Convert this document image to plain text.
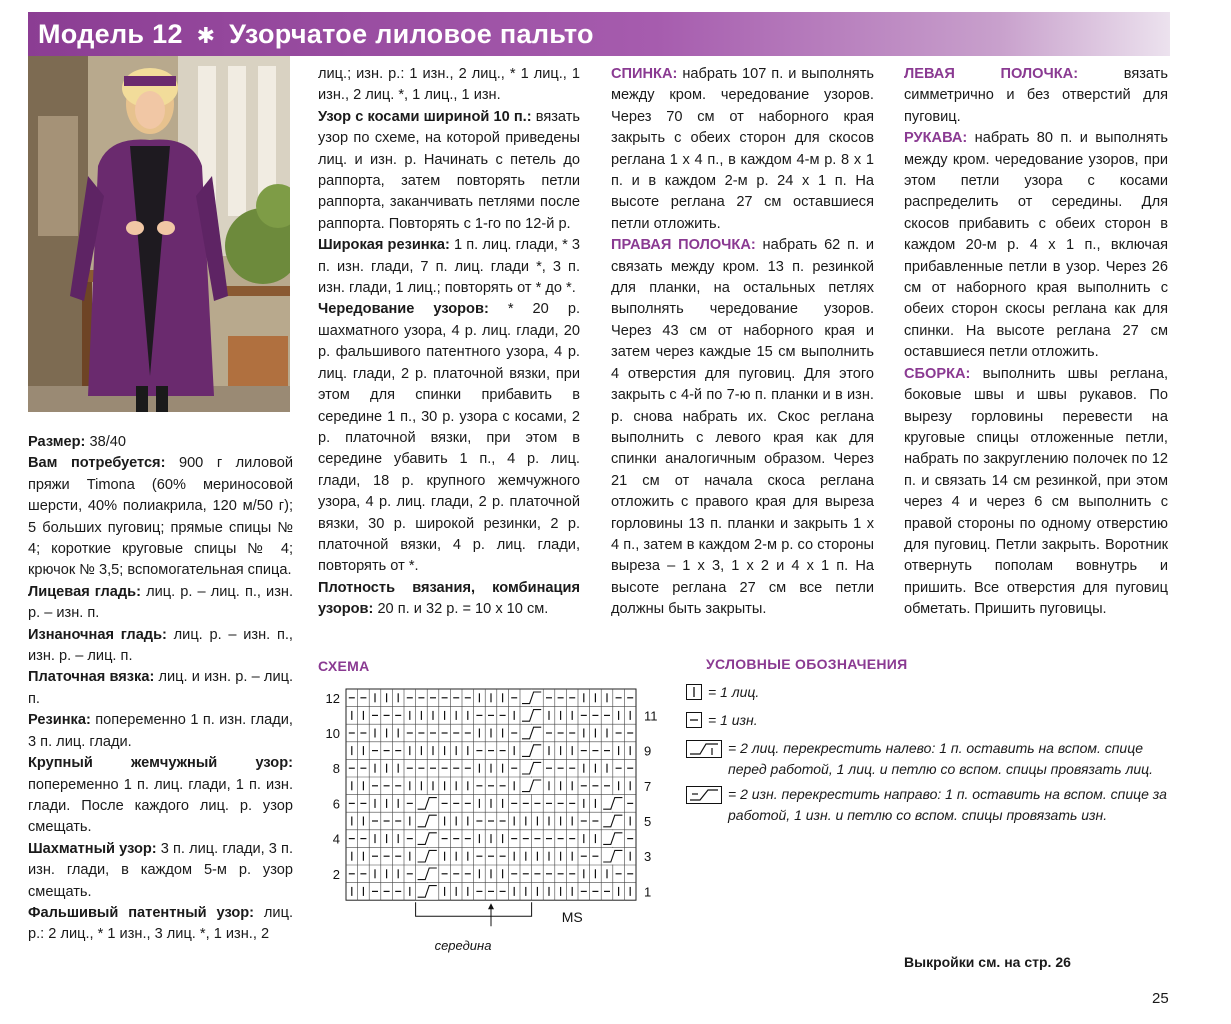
Модель 12 ✱ Узорчатое лиловое пальто

Размер: 38/40

Вам потребуется: 900 г лиловой пряжи Timona (60% мериносовой шерсти, 40% полиакрила, 120 м/50 г); 5 больших пуговиц; прямые спицы № 4; короткие круговые спицы № 4; крючок № 3,5; вспомогательная спица.

Лицевая гладь: лиц. р. – лиц. п., изн. р. – изн. п.

Изнаночная гладь: лиц. р. – изн. п., изн. р. – лиц. п.

Платочная вязка: лиц. и изн. р. – лиц. п.

Резинка: попеременно 1 п. изн. глади, 3 п. лиц. глади.

Крупный жемчужный узор: попеременно 1 п. лиц. глади, 1 п. изн. глади. После каждого лиц. р. узор смещать.

Шахматный узор: 3 п. лиц. глади, 3 п. изн. глади, в каждом 5-м р. узор смещать.

Фальшивый патентный узор: лиц. р.: 2 лиц., * 1 изн., 3 лиц. *, 1 изн., 2

лиц.; изн. р.: 1 изн., 2 лиц., * 1 лиц., 1 изн., 2 лиц. *, 1 лиц., 1 изн.

Узор с косами шириной 10 п.: вязать узор по схеме, на которой приведены лиц. и изн. р. Начинать с петель до раппорта, затем повторять петли раппорта, заканчивать петлями после раппорта. Повторять с 1-го по 12-й р.

Широкая резинка: 1 п. лиц. глади, * 3 п. изн. глади, 7 п. лиц. глади *, 3 п. изн. глади, 1 лиц.; повторять от * до *.

Чередование узоров: * 20 р. шахматного узора, 4 р. лиц. глади, 20 р. фальшивого патентного узора, 4 р. лиц. глади, 2 р. платочной вязки, при этом для спинки прибавить в середине 1 п., 30 р. узора с косами, 2 р. платочной вязки, при этом в середине убавить 1 п., 4 р. лиц. глади, 18 р. крупного жемчужного узора, 4 р. лиц. глади, 2 р. платочной вязки, 30 р. широкой резинки, 2 р. платочной вязки, 4 р. лиц. глади, повторять от *.

Плотность вязания, комбинация узоров: 20 п. и 32 р. = 10 х 10 см.

СПИНКА: набрать 107 п. и выполнять между кром. чередование узоров. Через 70 см от наборного края закрыть с обеих сторон для скосов реглана 1 х 4 п., в каждом 4-м р. 8 х 1 п. и в каждом 2-м р. 24 х 1 п. На высоте реглана 27 см оставшиеся петли отложить.

ПРАВАЯ ПОЛОЧКА: набрать 62 п. и связать между кром. 13 п. резинкой для планки, на остальных петлях выполнять чередование узоров. Через 43 см от наборного края и затем через каждые 15 см выполнить 4 отверстия для пуговиц. Для этого закрыть с 4-й по 7-ю п. планки и в изн. р. снова набрать их. Скос реглана выполнить с левого края как для спинки аналогичным образом. Через 21 см от начала скоса реглана отложить с правого края для выреза горловины 13 п. планки и закрыть 1 х 4 п., затем в каждом 2-м р. со стороны выреза – 1 х 3, 1 х 2 и 4 х 1 п. На высоте реглана 27 см все петли должны быть закрыты.

ЛЕВАЯ ПОЛОЧКА: вязать симметрично и без отверстий для пуговиц.

РУКАВА: набрать 80 п. и выполнять между кром. чередование узоров, при этом петли узора с косами распределить от середины. Для скосов прибавить с обеих сторон в каждом 20-м р. 4 х 1 п., включая прибавленные петли в узор. Через 26 см от наборного края выполнить с обеих сторон скосы реглана как для спинки. На высоте реглана 27 см оставшиеся петли отложить.

СБОРКА: выполнить швы реглана, боковые швы и швы рукавов. По вырезу горловины перевести на круговые спицы отложенные петли, набрать по закруглению полочек по 12 п. и связать 14 см резинкой, при этом через 4 и через 6 см выполнить с правой стороны по одному отверстию для пуговиц. Петли закрыть. Воротник отвернуть пополам вовнутрь и пришить. Все отверстия для пуговиц обметать. Пришить пуговицы.

СХЕМА
12
10
8
6
4
2
11
9
7
5
3
1
MS
середина
УСЛОВНЫЕ ОБОЗНАЧЕНИЯ
= 1 лиц.
= 1 изн.
= 2 лиц. перекрестить налево: 1 п. оставить на вспом. спице перед работой, 1 лиц. и петлю со вспом. спицы провязать лиц.
= 2 изн. перекрестить направо: 1 п. оставить на вспом. спице за работой, 1 изн. и петлю со вспом. спицы провязать изн.
Выкройки см. на стр. 26
25
